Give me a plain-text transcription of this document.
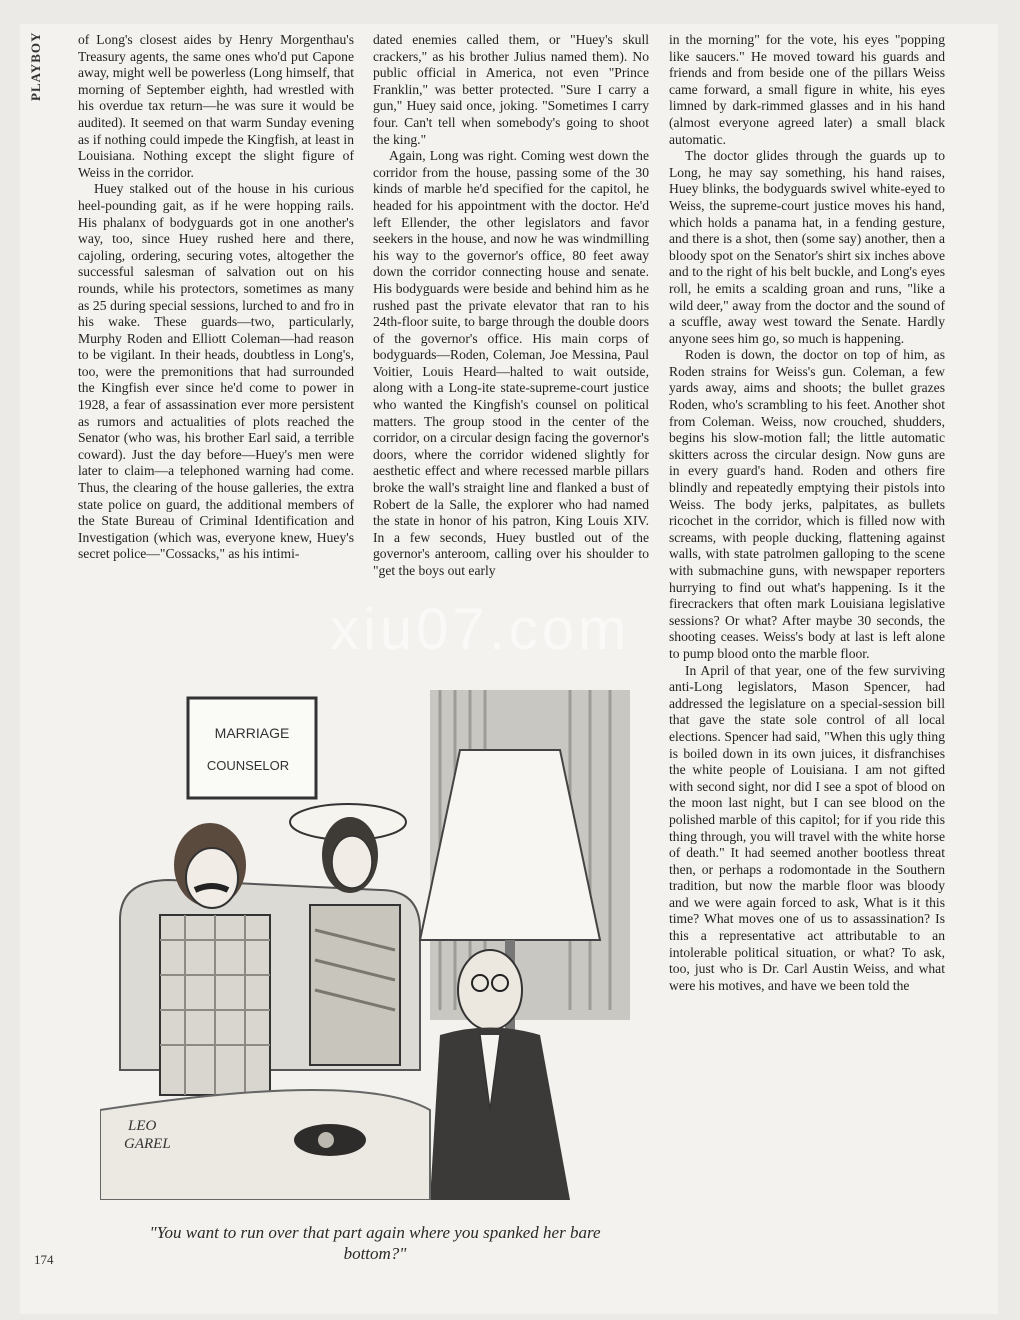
PLAYBOY	of Long's closest aides by Henry Morgenthau's Treasury agents, the same ones who'd put Capone away, might well be powerless (Long himself, that morning of September eighth, had wrestled with his overdue tax return—he was sure it would be audited). It seemed on that warm Sunday evening as if nothing could impede the Kingfish, at least in Louisiana. Nothing except the slight figure of Weiss in the corridor.

Huey stalked out of the house in his curious heel-pounding gait, as if he were hopping rails. His phalanx of bodyguards got in one another's way, too, since Huey rushed here and there, cajoling, ordering, securing votes, altogether the successful salesman of salvation out on his rounds, while his protectors, sometimes as many as 25 during special sessions, lurched to and fro in his wake. These guards—two, particularly, Murphy Roden and Elliott Coleman—had reason to be vigilant. In their heads, doubtless in Long's, too, were the premonitions that had surrounded the Kingfish ever since he'd come to power in 1928, a fear of assassination ever more persistent as rumors and actualities of plots reached the Senator (who was, his brother Earl said, a terrible coward). Just the day before—Huey's men were later to claim—a telephoned warning had come. Thus, the clearing of the house galleries, the extra state police on guard, the additional members of the State Bureau of Criminal Identification and Investigation (which was, everyone knew, Huey's secret police—"Cossacks," as his intimi-

dated enemies called them, or "Huey's skull crackers," as his brother Julius named them). No public official in America, not even "Prince Franklin," was better protected. "Sure I carry a gun," Huey said once, joking. "Sometimes I carry four. Can't tell when somebody's going to shoot the king."

Again, Long was right. Coming west down the corridor from the house, passing some of the 30 kinds of marble he'd specified for the capitol, he headed for his appointment with the doctor. He'd left Ellender, the other legislators and favor seekers in the house, and now he was windmilling his way to the governor's office, 80 feet away down the corridor connecting house and senate. His bodyguards were beside and behind him as he rushed past the private elevator that ran to his 24th-floor suite, to barge through the double doors of the governor's office. His main corps of bodyguards—Roden, Coleman, Joe Messina, Paul Voitier, Louis Heard—halted to wait outside, along with a Long-ite state-supreme-court justice who wanted the Kingfish's counsel on political matters. The group stood in the center of the corridor, on a circular design facing the governor's doors, where the corridor widened slightly for aesthetic effect and where recessed marble pillars broke the wall's straight line and flanked a bust of Robert de la Salle, the explorer who had named the state in honor of his patron, King Louis XIV. In a few seconds, Huey bustled out of the governor's anteroom, calling over his shoulder to "get the boys out early

in the morning" for the vote, his eyes "popping like saucers." He moved toward his guards and friends and from beside one of the pillars Weiss came forward, a small figure in white, his eyes limned by dark-rimmed glasses and in his hand (almost everyone agreed later) a small black automatic.

The doctor glides through the guards up to Long, he may say something, his hand raises, Huey blinks, the bodyguards swivel white-eyed to Weiss, the supreme-court justice moves his hand, which holds a panama hat, in a fending gesture, and there is a shot, then (some say) another, then a bloody spot on the Senator's shirt six inches above and to the right of his belt buckle, and Long's eyes roll, he emits a scalding groan and runs, "like a wild deer," away from the doctor and the sound of a scuffle, away west toward the Senate. Hardly anyone sees him go, so much is happening.

Roden is down, the doctor on top of him, as Roden strains for Weiss's gun. Coleman, a few yards away, aims and shoots; the bullet grazes Roden, who's scrambling to his feet. Another shot from Coleman. Weiss, now crouched, shudders, begins his slow-motion fall; the little automatic skitters across the circular design. Now guns are in every guard's hand. Roden and others fire blindly and repeatedly emptying their pistols into Weiss. The body jerks, palpitates, as bullets ricochet in the corridor, which is filled now with screams, with people ducking, flattening against walls, with state patrolmen galloping to the scene with submachine guns, with newspaper reporters hurrying to find out what's happening. Is it the firecrackers that often mark Louisiana legislative sessions? Or what? After maybe 30 seconds, the shooting ceases. Weiss's body at last is left alone to pump blood onto the marble floor.

In April of that year, one of the few surviving anti-Long legislators, Mason Spencer, had addressed the legislature on a special-session bill that gave the state sole control of all local elections. Spencer had said, "When this ugly thing is boiled down in its own juices, it disfranchises the white people of Louisiana. I am not gifted with second sight, nor did I see a spot of blood on the moon last night, but I can see blood on the polished marble of this capitol; for if you ride this thing through, you will travel with the white horse of death." It had seemed another bootless threat then, or perhaps a rodomontade in the Southern tradition, but now the marble floor was bloody and we were again forced to ask, What is it this time? What moves one of us to assassination? Is this a representative act attributable to an intolerable political situation, or what? To ask, too, just who is Dr. Carl Austin Weiss, and what were his motives, and have we been told the

MARRIAGE
COUNSELOR
LEO
GAREL
"You want to run over that part again where you spanked her bare bottom?"
174
xiu07.com
